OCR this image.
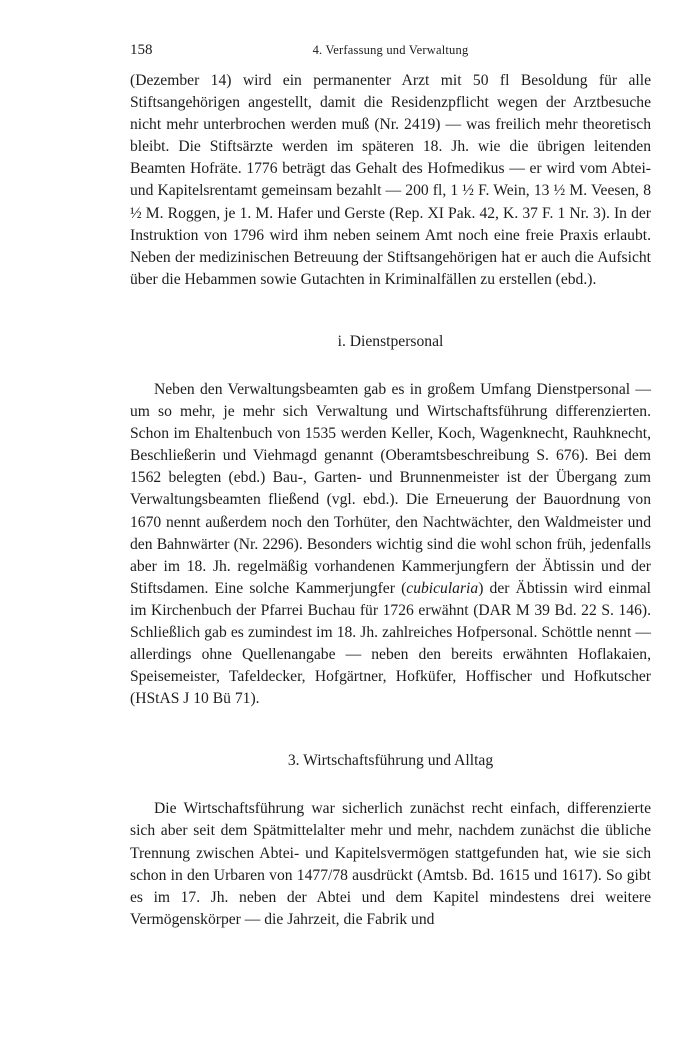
158	4. Verfassung und Verwaltung

(Dezember 14) wird ein permanenter Arzt mit 50 fl Besoldung für alle Stiftsangehörigen angestellt, damit die Residenzpflicht wegen der Arztbesuche nicht mehr unterbrochen werden muß (Nr. 2419) — was freilich mehr theoretisch bleibt. Die Stiftsärzte werden im späteren 18. Jh. wie die übrigen leitenden Beamten Hofräte. 1776 beträgt das Gehalt des Hofmedikus — er wird vom Abtei- und Kapitelsrentamt gemeinsam bezahlt — 200 fl, 1 ½ F. Wein, 13 ½ M. Veesen, 8 ½ M. Roggen, je 1. M. Hafer und Gerste (Rep. XI Pak. 42, K. 37 F. 1 Nr. 3). In der Instruktion von 1796 wird ihm neben seinem Amt noch eine freie Praxis erlaubt. Neben der medizinischen Betreuung der Stiftsangehörigen hat er auch die Aufsicht über die Hebammen sowie Gutachten in Kriminalfällen zu erstellen (ebd.).

i. Dienstpersonal

Neben den Verwaltungsbeamten gab es in großem Umfang Dienstpersonal — um so mehr, je mehr sich Verwaltung und Wirtschaftsführung differenzierten. Schon im Ehaltenbuch von 1535 werden Keller, Koch, Wagenknecht, Rauhknecht, Beschließerin und Viehmagd genannt (Oberamtsbeschreibung S. 676). Bei dem 1562 belegten (ebd.) Bau-, Garten- und Brunnenmeister ist der Übergang zum Verwaltungsbeamten fließend (vgl. ebd.). Die Erneuerung der Bauordnung von 1670 nennt außerdem noch den Torhüter, den Nachtwächter, den Waldmeister und den Bahnwärter (Nr. 2296). Besonders wichtig sind die wohl schon früh, jedenfalls aber im 18. Jh. regelmäßig vorhandenen Kammerjungfern der Äbtissin und der Stiftsdamen. Eine solche Kammerjungfer (cubicularia) der Äbtissin wird einmal im Kirchenbuch der Pfarrei Buchau für 1726 erwähnt (DAR M 39 Bd. 22 S. 146). Schließlich gab es zumindest im 18. Jh. zahlreiches Hofpersonal. Schöttle nennt — allerdings ohne Quellenangabe — neben den bereits erwähnten Hoflakaien, Speisemeister, Tafeldecker, Hofgärtner, Hofküfer, Hoffischer und Hofkutscher (HStAS J 10 Bü 71).

3. Wirtschaftsführung und Alltag

Die Wirtschaftsführung war sicherlich zunächst recht einfach, differenzierte sich aber seit dem Spätmittelalter mehr und mehr, nachdem zunächst die übliche Trennung zwischen Abtei- und Kapitelsvermögen stattgefunden hat, wie sie sich schon in den Urbaren von 1477/78 ausdrückt (Amtsb. Bd. 1615 und 1617). So gibt es im 17. Jh. neben der Abtei und dem Kapitel mindestens drei weitere Vermögenskörper — die Jahrzeit, die Fabrik und
